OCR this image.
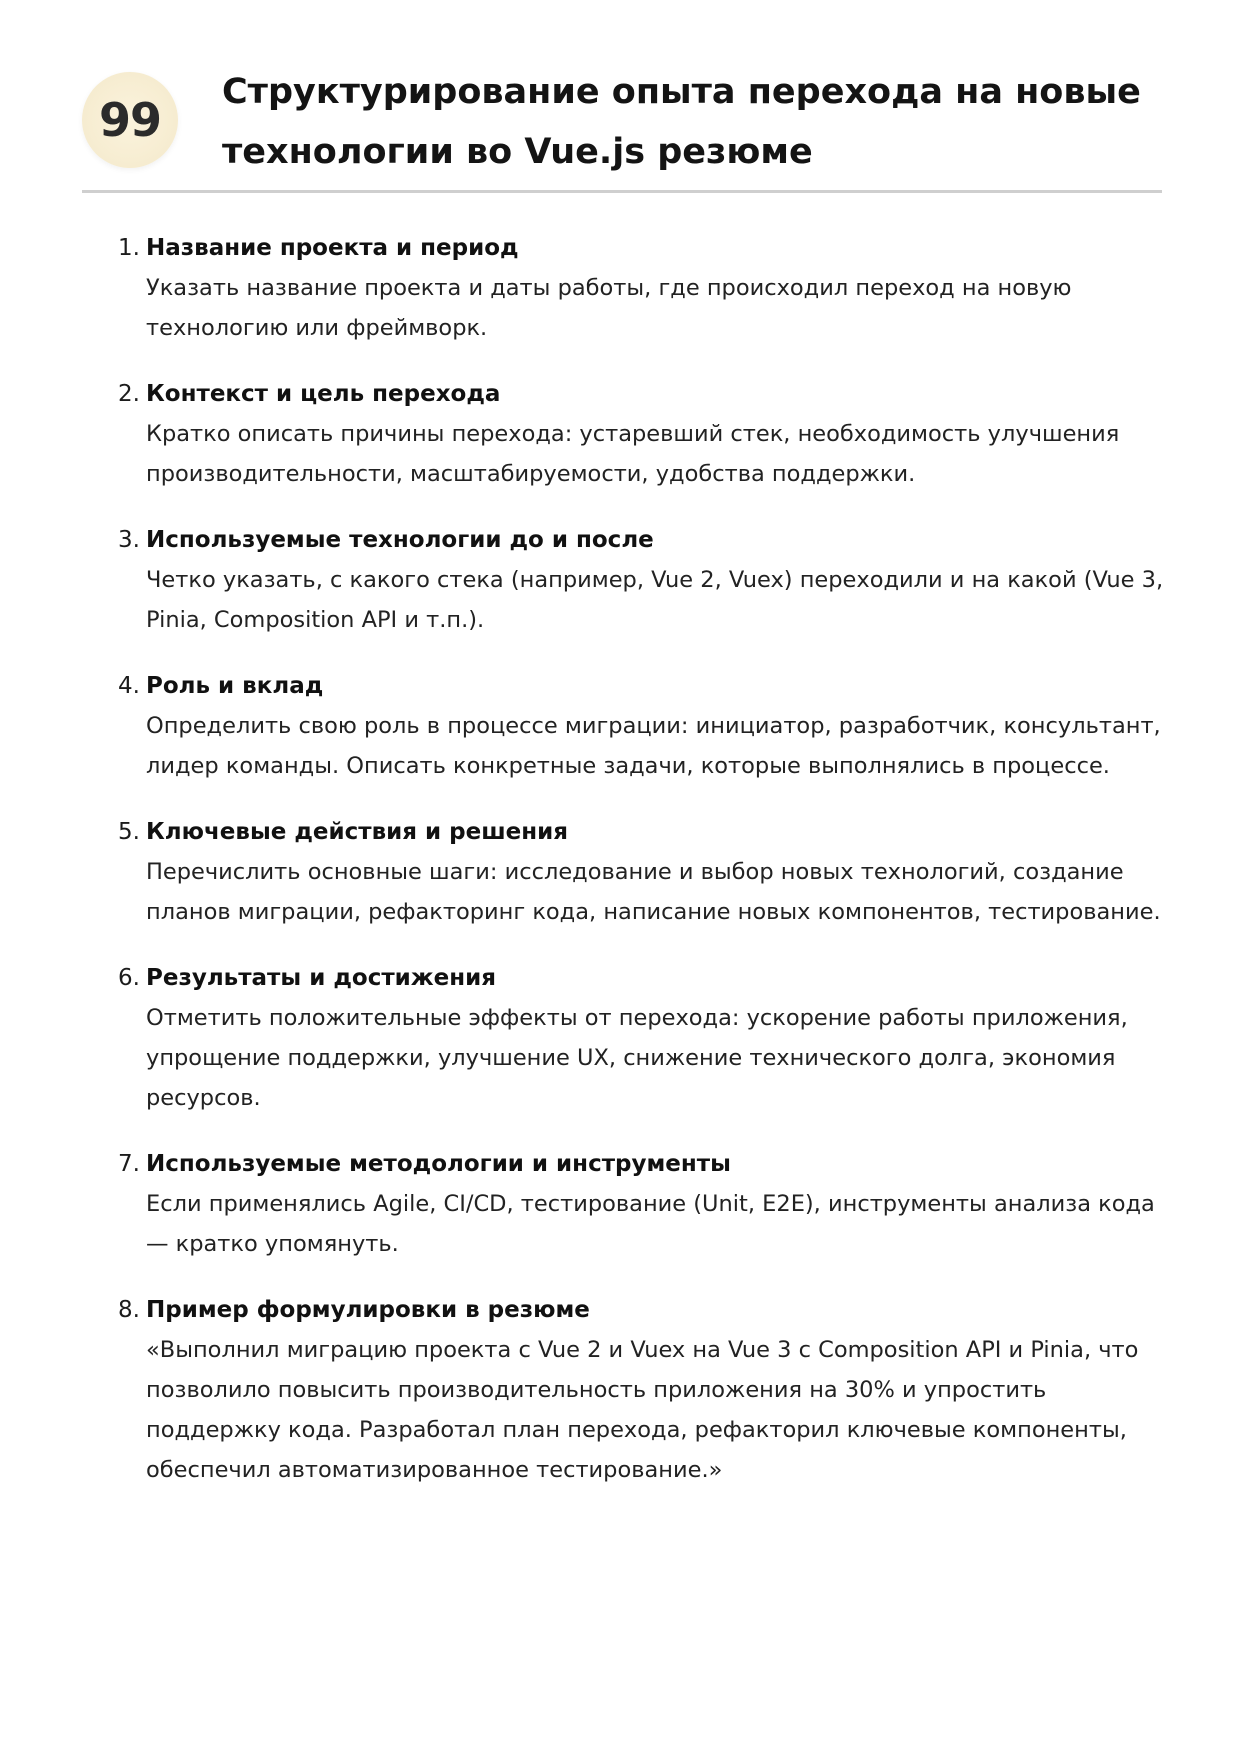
99
Структурирование опыта перехода на новые технологии во Vue.js резюме
1. Название проекта и период
Указать название проекта и даты работы, где происходил переход на новую технологию или фреймворк.
2. Контекст и цель перехода
Кратко описать причины перехода: устаревший стек, необходимость улучшения производительности, масштабируемости, удобства поддержки.
3. Используемые технологии до и после
Четко указать, с какого стека (например, Vue 2, Vuex) переходили и на какой (Vue 3, Pinia, Composition API и т.п.).
4. Роль и вклад
Определить свою роль в процессе миграции: инициатор, разработчик, консультант, лидер команды. Описать конкретные задачи, которые выполнялись в процессе.
5. Ключевые действия и решения
Перечислить основные шаги: исследование и выбор новых технологий, создание планов миграции, рефакторинг кода, написание новых компонентов, тестирование.
6. Результаты и достижения
Отметить положительные эффекты от перехода: ускорение работы приложения, упрощение поддержки, улучшение UX, снижение технического долга, экономия ресурсов.
7. Используемые методологии и инструменты
Если применялись Agile, CI/CD, тестирование (Unit, E2E), инструменты анализа кода — кратко упомянуть.
8. Пример формулировки в резюме
«Выполнил миграцию проекта с Vue 2 и Vuex на Vue 3 с Composition API и Pinia, что позволило повысить производительность приложения на 30% и упростить поддержку кода. Разработал план перехода, рефакторил ключевые компоненты, обеспечил автоматизированное тестирование.»
